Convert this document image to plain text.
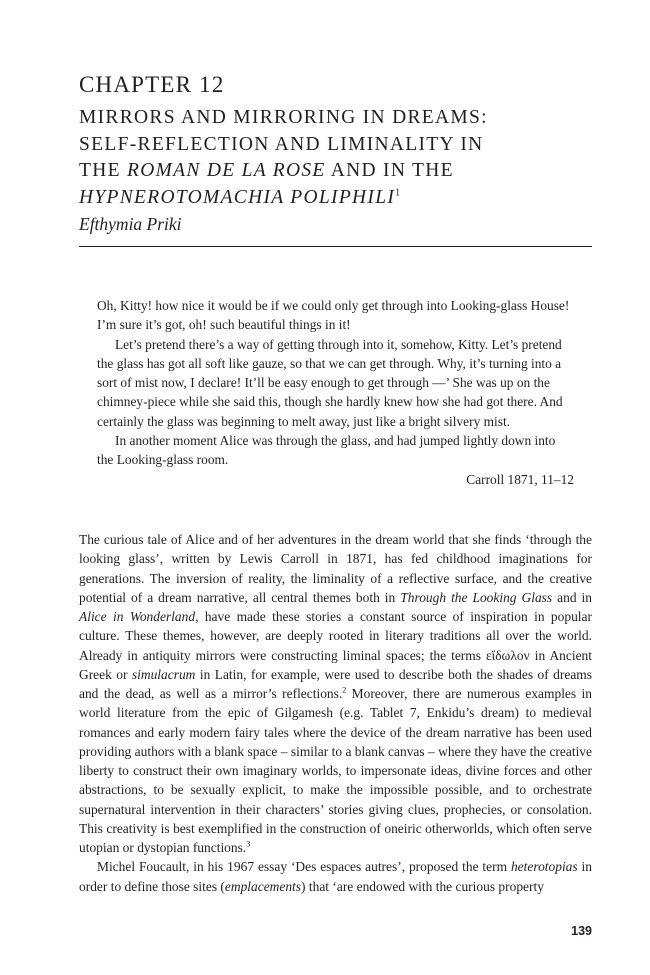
CHAPTER 12
MIRRORS AND MIRRORING IN DREAMS:
SELF-REFLECTION AND LIMINALITY IN
THE ROMAN DE LA ROSE AND IN THE
HYPNEROTOMACHIA POLIPHILI$^1$
Efthymia Priki

Oh, Kitty! how nice it would be if we could only get through into Looking-glass House! I’m sure it’s got, oh! such beautiful things in it!

Let’s pretend there’s a way of getting through into it, somehow, Kitty. Let’s pretend the glass has got all soft like gauze, so that we can get through. Why, it’s turning into a sort of mist now, I declare! It’ll be easy enough to get through —’ She was up on the chimney-piece while she said this, though she hardly knew how she had got there. And certainly the glass was beginning to melt away, just like a bright silvery mist.

In another moment Alice was through the glass, and had jumped lightly down into the Looking-glass room.

Carroll 1871, 11–12

The curious tale of Alice and of her adventures in the dream world that she finds ‘through the looking glass’, written by Lewis Carroll in 1871, has fed childhood imaginations for generations. The inversion of reality, the liminality of a reflective surface, and the creative potential of a dream narrative, all central themes both in Through the Looking Glass and in Alice in Wonderland, have made these stories a constant source of inspiration in popular culture. These themes, however, are deeply rooted in literary traditions all over the world. Already in antiquity mirrors were constructing liminal spaces; the terms εἴδωλον in Ancient Greek or simulacrum in Latin, for example, were used to describe both the shades of dreams and the dead, as well as a mirror’s reflections.$^2$ Moreover, there are numerous examples in world literature from the epic of Gilgamesh (e.g. Tablet 7, Enkidu’s dream) to medieval romances and early modern fairy tales where the device of the dream narrative has been used providing authors with a blank space – similar to a blank canvas – where they have the creative liberty to construct their own imaginary worlds, to impersonate ideas, divine forces and other abstractions, to be sexually explicit, to make the impossible possible, and to orchestrate supernatural intervention in their characters’ stories giving clues, prophecies, or consolation. This creativity is best exemplified in the construction of oneiric otherworlds, which often serve utopian or dystopian functions.$^3$

Michel Foucault, in his 1967 essay ‘Des espaces autres’, proposed the term heterotopias in order to define those sites (emplacements) that ‘are endowed with the curious property

139
